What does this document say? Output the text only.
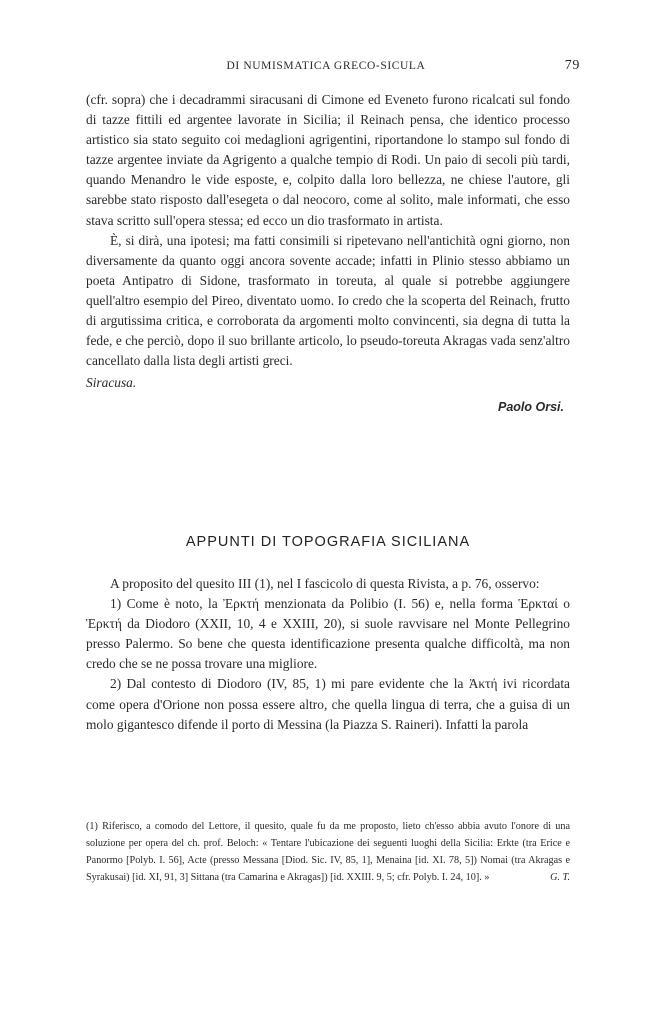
DI NUMISMATICA GRECO-SICULA	79

(cfr. sopra) che i decadrammi siracusani di Cimone ed Eveneto furono ricalcati sul fondo di tazze fittili ed argentee lavorate in Sicilia; il Reinach pensa, che identico processo artistico sia stato seguito coi medaglioni agrigentini, riportandone lo stampo sul fondo di tazze argentee inviate da Agrigento a qualche tempio di Rodi. Un paio di secoli più tardi, quando Menandro le vide esposte, e, colpito dalla loro bellezza, ne chiese l'autore, gli sarebbe stato risposto dall'esegeta o dal neocoro, come al solito, male informati, che esso stava scritto sull'opera stessa; ed ecco un dio trasformato in artista.

È, si dirà, una ipotesi; ma fatti consimili si ripetevano nell'antichità ogni giorno, non diversamente da quanto oggi ancora sovente accade; infatti in Plinio stesso abbiamo un poeta Antipatro di Sidone, trasformato in toreuta, al quale si potrebbe aggiungere quell'altro esempio del Pireo, diventato uomo. Io credo che la scoperta del Reinach, frutto di argutissima critica, e corroborata da argomenti molto convincenti, sia degna di tutta la fede, e che perciò, dopo il suo brillante articolo, lo pseudo-toreuta Akragas vada senz'altro cancellato dalla lista degli artisti greci.

Siracusa.

Paolo Orsi.

APPUNTI DI TOPOGRAFIA SICILIANA

A proposito del quesito III (1), nel I fascicolo di questa Rivista, a p. 76, osservo:

1) Come è noto, la Ἐρκτή menzionata da Polibio (I. 56) e, nella forma Ἑρκταί o Ἑρκτή da Diodoro (XXII, 10, 4 e XXIII, 20), si suole ravvisare nel Monte Pellegrino presso Palermo. So bene che questa identificazione presenta qualche difficoltà, ma non credo che se ne possa trovare una migliore.

2) Dal contesto di Diodoro (IV, 85, 1) mi pare evidente che la Ἀκτή ivi ricordata come opera d'Orione non possa essere altro, che quella lingua di terra, che a guisa di un molo gigantesco difende il porto di Messina (la Piazza S. Raineri). Infatti la parola

(1) Riferisco, a comodo del Lettore, il quesito, quale fu da me proposto, lieto ch'esso abbia avuto l'onore di una soluzione per opera del ch. prof. Beloch: « Tentare l'ubicazione dei seguenti luoghi della Sicilia: Erkte (tra Erice e Panormo [Polyb. I. 56], Acte (presso Messana [Diod. Sic. IV, 85, 1], Menaina [id. XI. 78, 5]) Nomai (tra Akragas e Syrakusai) [id. XI, 91, 3] Sittana (tra Camarina e Akragas]) [id. XXIII. 9, 5; cfr. Polyb. I. 24, 10]. »	G. T.
